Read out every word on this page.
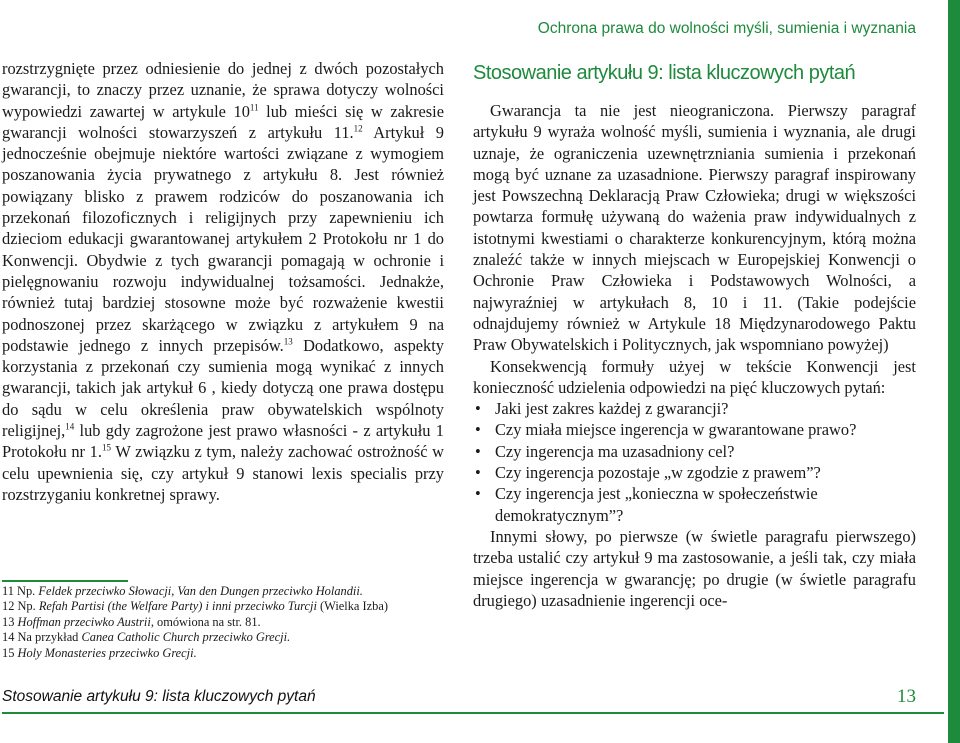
Ochrona prawa do wolności myśli, sumienia i wyznania

rozstrzygnięte przez odniesienie do jednej z dwóch pozostałych gwarancji, to znaczy przez uznanie, że sprawa dotyczy wolności wypowiedzi zawartej w artykule $10^{11}$ lub mieści się w zakresie gwarancji wolności stowarzyszeń z artykułu 11.12 Artykuł 9 jednocześnie obejmuje niektóre wartości związane z wymogiem poszanowania życia prywatnego z artykułu 8. Jest również powiązany blisko z prawem rodziców do poszanowania ich przekonań filozoficznych i religijnych przy zapewnieniu ich dzieciom edukacji gwarantowanej artykułem 2 Protokołu nr 1 do Konwencji. Obydwie z tych gwarancji pomagają w ochronie i pielęgnowaniu rozwoju indywidualnej tożsamości. Jednakże, również tutaj bardziej stosowne może być rozważenie kwestii podnoszonej przez skarżącego w związku z artykułem 9 na podstawie jednego z innych przepisów.$^{13}$ Dodatkowo, aspekty korzystania z przekonań czy sumienia mogą wynikać z innych gwarancji, takich jak artykuł 6 , kiedy dotyczą one prawa dostępu do sądu w celu określenia praw obywatelskich wspólnoty religijnej,$^{14}$ lub gdy zagrożone jest prawo własności - z artykułu 1 Protokołu nr 1.15 W związku z tym, należy zachować ostrożność w celu upewnienia się, czy artykuł 9 stanowi lexis specialis przy rozstrzyganiu konkretnej sprawy.

11 Np. Feldek przeciwko Słowacji, Van den Dungen przeciwko Holandii.
12 Np. Refah Partisi (the Welfare Party) i inni przeciwko Turcji (Wielka Izba)
13 Hoffman przeciwko Austrii, omówiona na str. 81.
14 Na przykład Canea Catholic Church przeciwko Grecji.
15 Holy Monasteries przeciwko Grecji.
Stosowanie artykułu 9: lista kluczowych pytań

Gwarancja ta nie jest nieograniczona. Pierwszy paragraf artykułu 9 wyraża wolność myśli, sumienia i wyznania, ale drugi uznaje, że ograniczenia uzewnętrzniania sumienia i przekonań mogą być uznane za uzasadnione. Pierwszy paragraf inspirowany jest Powszechną Deklaracją Praw Człowieka; drugi w większości powtarza formułę używaną do ważenia praw indywidualnych z istotnymi kwestiami o charakterze konkurencyjnym, którą można znaleźć także w innych miejscach w Europejskiej Konwencji o Ochronie Praw Człowieka i Podstawowych Wolności, a najwyraźniej w artykułach 8, 10 i 11. (Takie podejście odnajdujemy również w Artykule 18 Międzynarodowego Paktu Praw Obywatelskich i Politycznych, jak wspomniano powyżej)

Konsekwencją formuły użyej w tekście Konwencji jest konieczność udzielenia odpowiedzi na pięć kluczowych pytań:

• Jaki jest zakres każdej z gwarancji?
• Czy miała miejsce ingerencja w gwarantowane prawo?
• Czy ingerencja ma uzasadniony cel?
• Czy ingerencja pozostaje „w zgodzie z prawem”?
• Czy ingerencja jest „konieczna w społeczeństwie demokratycznym”?

Innymi słowy, po pierwsze (w świetle paragrafu pierwszego) trzeba ustalić czy artykuł 9 ma zastosowanie, a jeśli tak, czy miała miejsce ingerencja w gwarancję; po drugie (w świetle paragrafu drugiego) uzasadnienie ingerencji oce-

Stosowanie artykułu 9: lista kluczowych pytań	13
